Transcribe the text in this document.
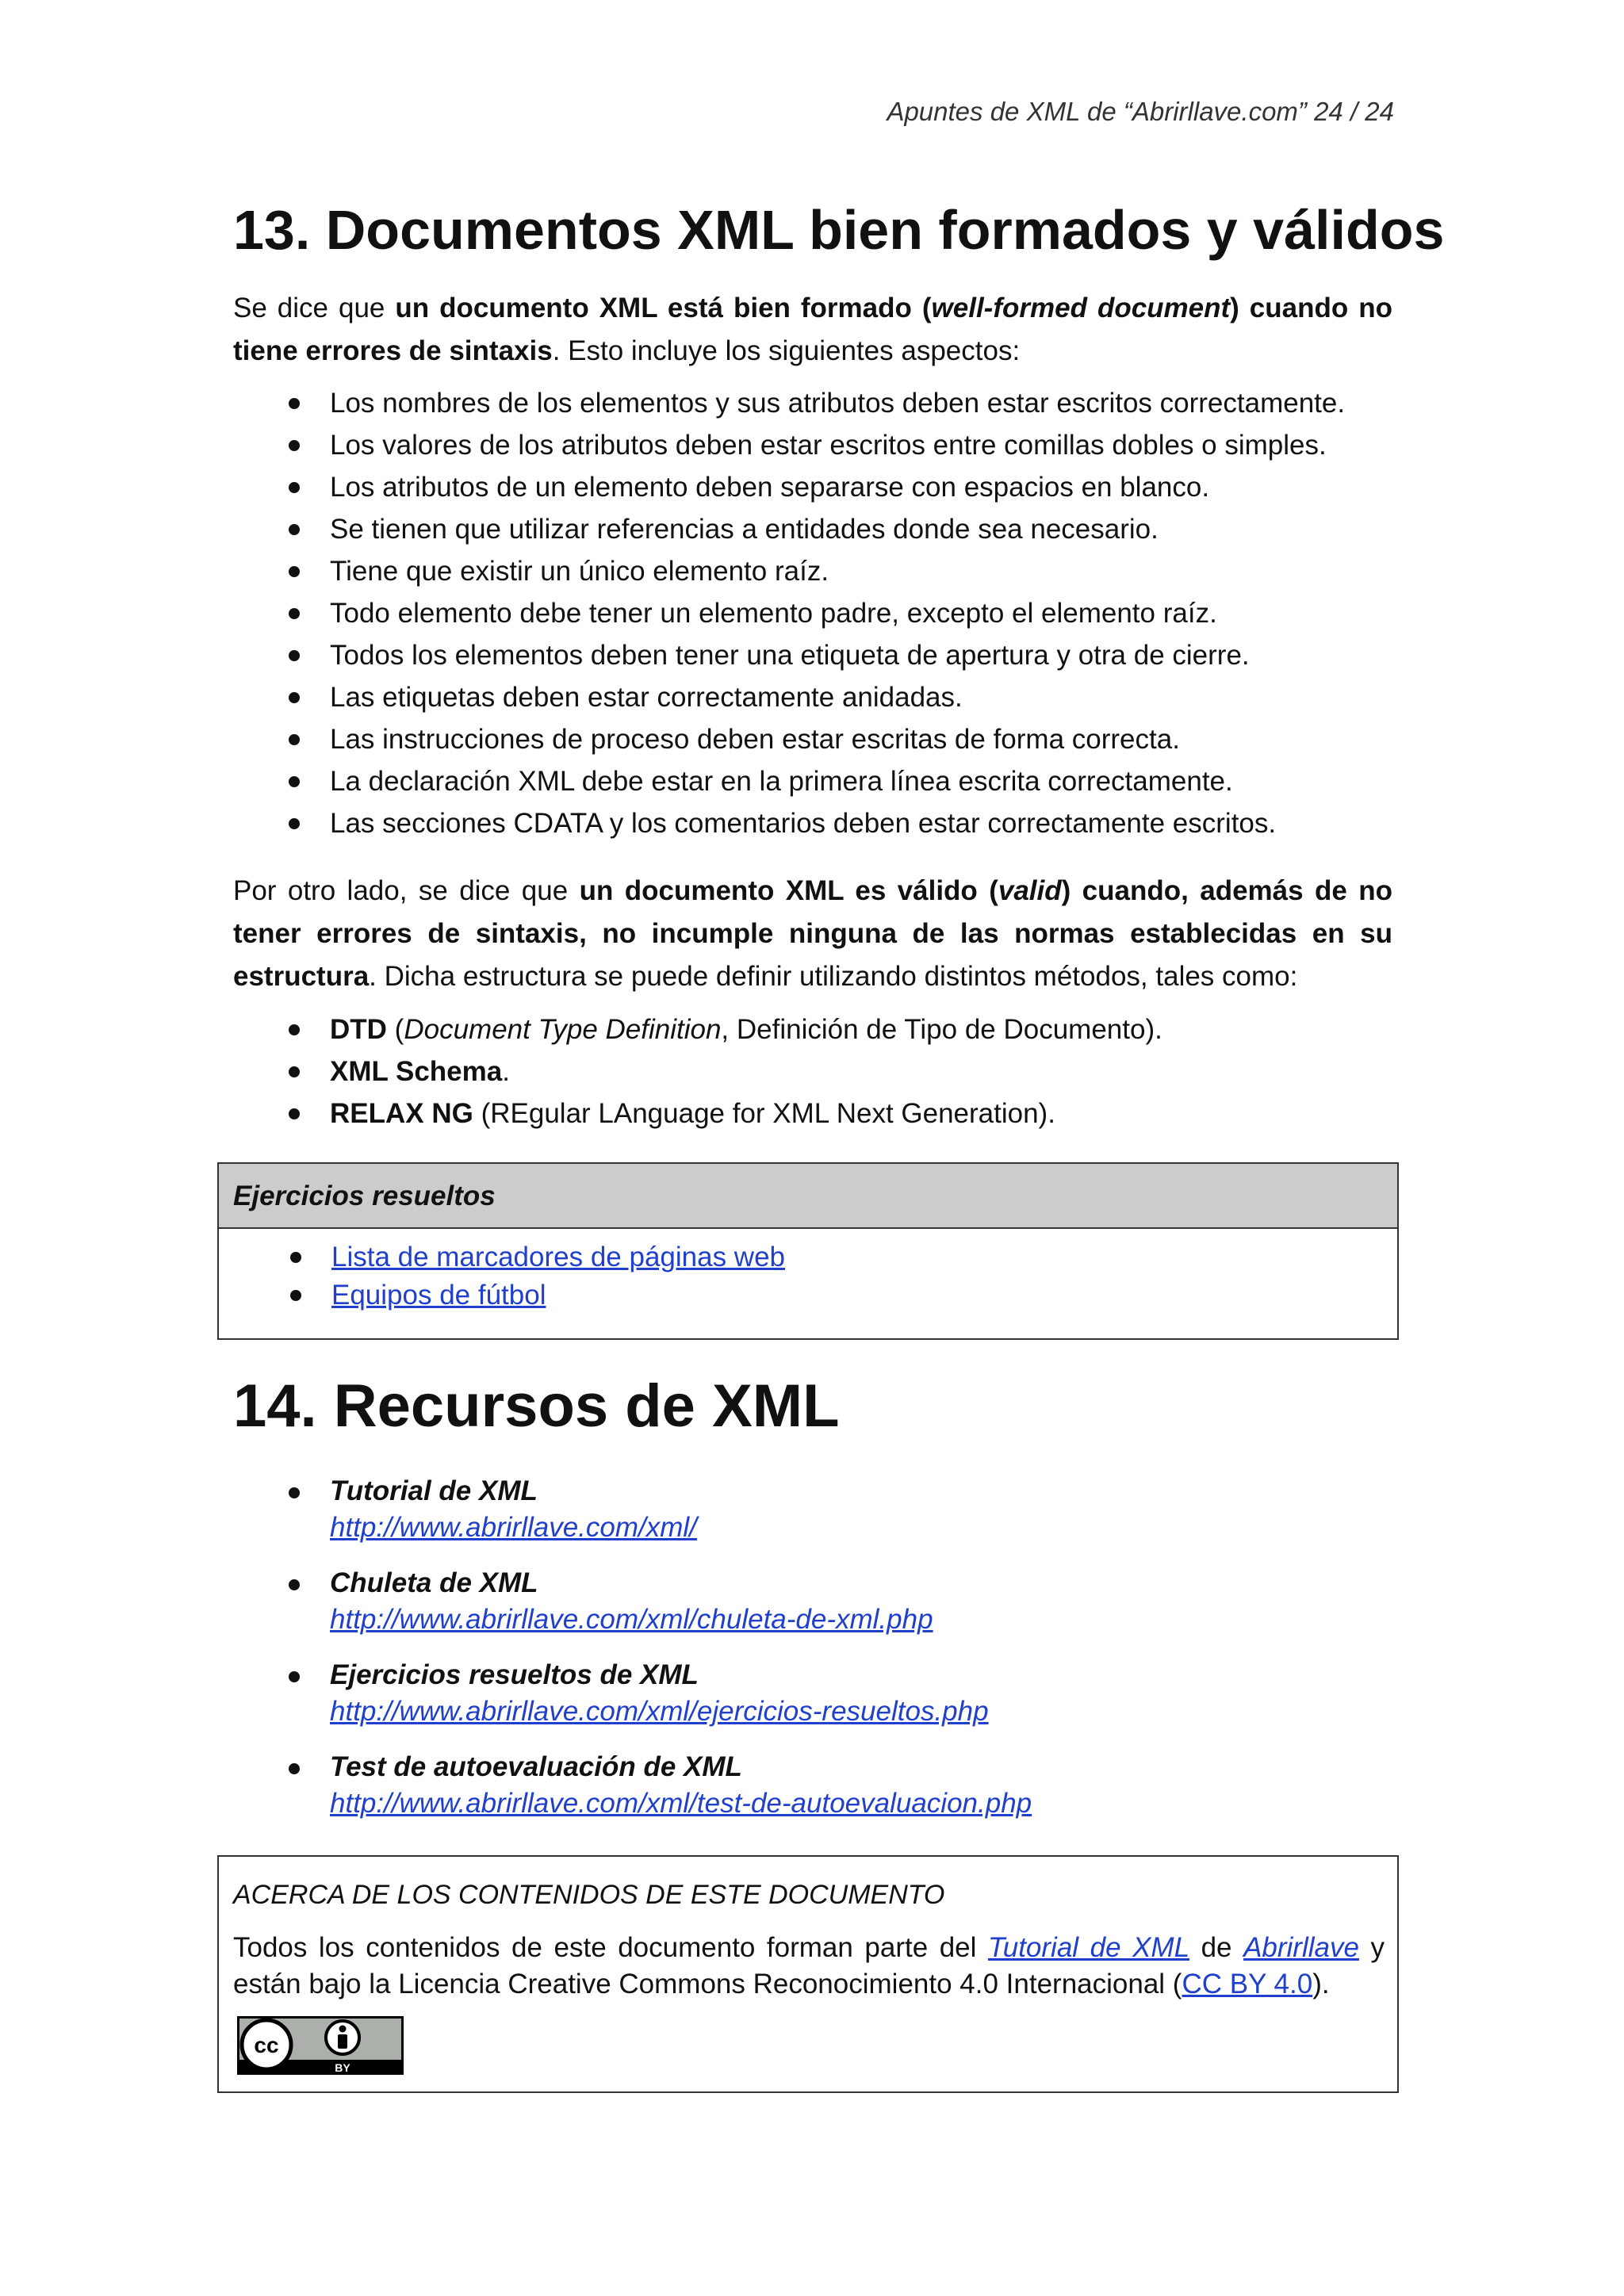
Apuntes de XML de “Abrirllave.com” 24 / 24
13. Documentos XML bien formados y válidos

Se dice que un documento XML está bien formado (well-formed document) cuando no tiene errores de sintaxis. Esto incluye los siguientes aspectos:

Los nombres de los elementos y sus atributos deben estar escritos correctamente.
Los valores de los atributos deben estar escritos entre comillas dobles o simples.
Los atributos de un elemento deben separarse con espacios en blanco.
Se tienen que utilizar referencias a entidades donde sea necesario.
Tiene que existir un único elemento raíz.
Todo elemento debe tener un elemento padre, excepto el elemento raíz.
Todos los elementos deben tener una etiqueta de apertura y otra de cierre.
Las etiquetas deben estar correctamente anidadas.
Las instrucciones de proceso deben estar escritas de forma correcta.
La declaración XML debe estar en la primera línea escrita correctamente.
Las secciones CDATA y los comentarios deben estar correctamente escritos.

Por otro lado, se dice que un documento XML es válido (valid) cuando, además de no tener errores de sintaxis, no incumple ninguna de las normas establecidas en su estructura. Dicha estructura se puede definir utilizando distintos métodos, tales como:

DTD (Document Type Definition, Definición de Tipo de Documento).
XML Schema.
RELAX NG (REgular LAnguage for XML Next Generation).
Ejercicios resueltos
Lista de marcadores de páginas web
Equipos de fútbol
14. Recursos de XML
Tutorial de XML
http://www.abrirllave.com/xml/
Chuleta de XML
http://www.abrirllave.com/xml/chuleta-de-xml.php
Ejercicios resueltos de XML
http://www.abrirllave.com/xml/ejercicios-resueltos.php
Test de autoevaluación de XML
http://www.abrirllave.com/xml/test-de-autoevaluacion.php
ACERCA DE LOS CONTENIDOS DE ESTE DOCUMENTO

Todos los contenidos de este documento forman parte del Tutorial de XML de Abrirllave y están bajo la Licencia Creative Commons Reconocimiento 4.0 Internacional (CC BY 4.0).

cc
BY
